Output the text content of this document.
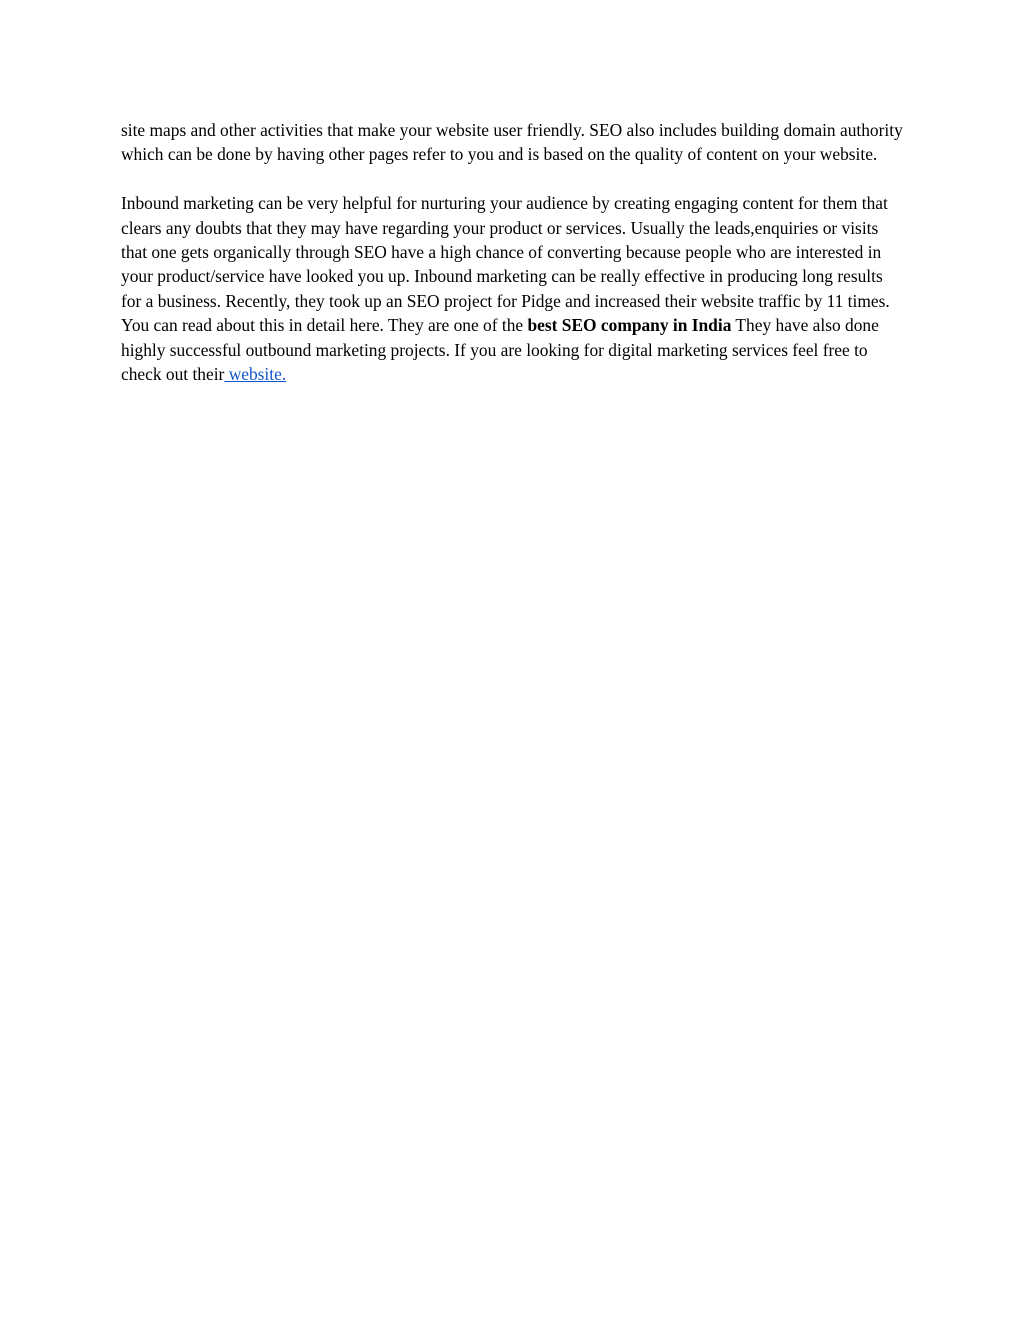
site maps and other activities that make your website user friendly. SEO also includes building domain authority which can be done by having other pages refer to you and is based on the quality of content on your website.

Inbound marketing can be very helpful for nurturing your audience by creating engaging content for them that clears any doubts that they may have regarding your product or services. Usually the leads,enquiries or visits that one gets organically through SEO have a high chance of converting because people who are interested in your product/service have looked you up. Inbound marketing can be really effective in producing long results for a business. Recently, they took up an SEO project for Pidge and increased their website traffic by 11 times. You can read about this in detail here. They are one of the best SEO company in India They have also done highly successful outbound marketing projects. If you are looking for digital marketing services feel free to check out their website.
